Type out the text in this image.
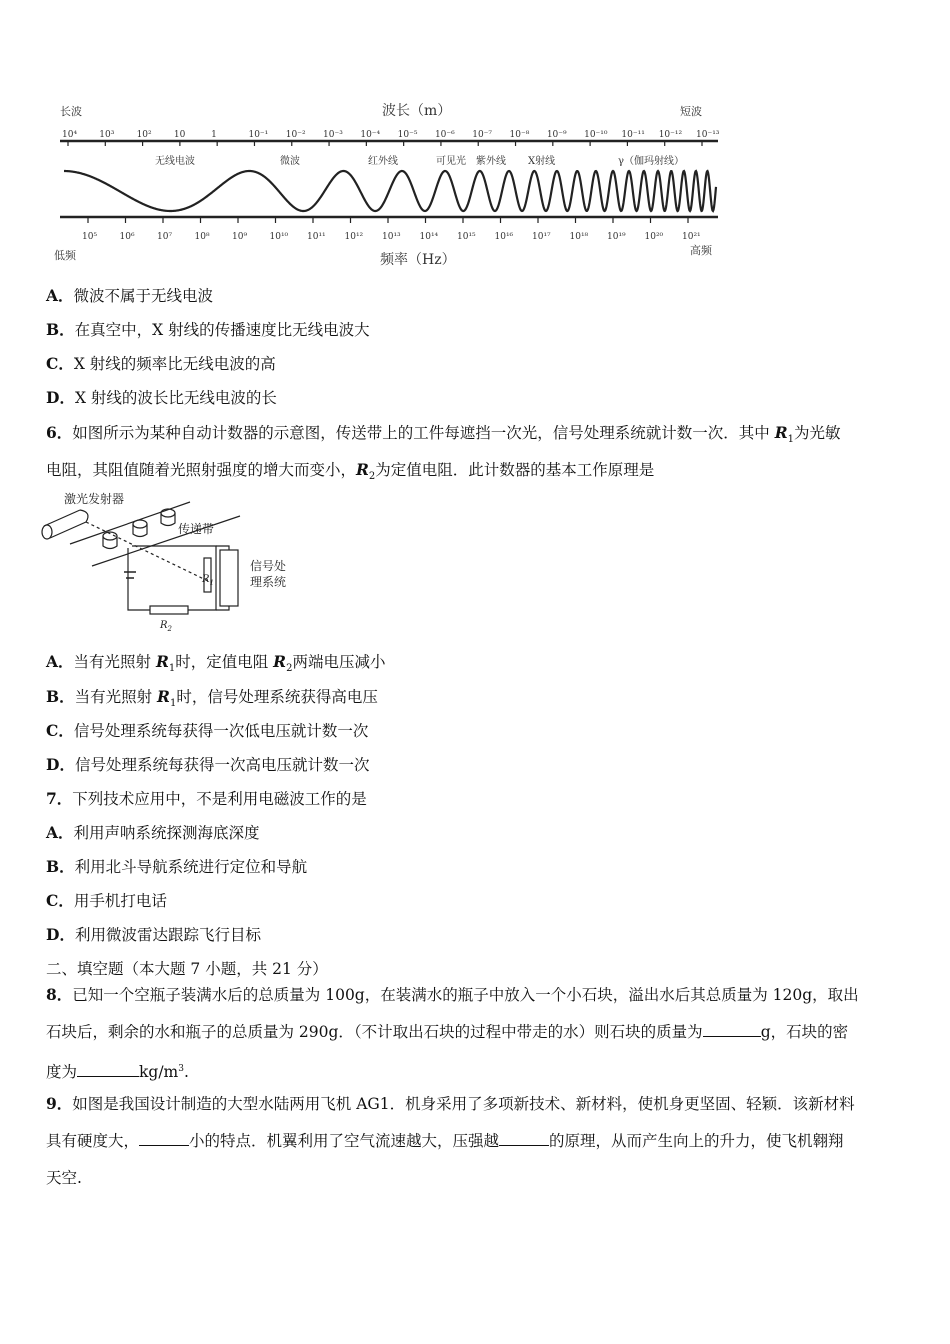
长波	短波
波长（m）
10⁴ 10³ 10² 10	1	10⁻¹ 10⁻² 10⁻³ 10⁻⁴ 10⁻⁵ 10⁻⁶ 10⁻⁷ 10⁻⁸ 10⁻⁹ 10⁻¹⁰ 10⁻¹¹ 10⁻¹² 10⁻¹³
无线电波	微波	红外线	可见光 紫外线 X射线	γ（伽玛射线）
10⁵ 10⁶ 10⁷ 10⁸ 10⁹ 10¹⁰ 10¹¹ 10¹² 10¹³ 10¹⁴ 10¹⁵ 10¹⁶ 10¹⁷ 10¹⁸ 10¹⁹ 10²⁰ 10²¹
低频	高频
频率（Hz）
A．微波不属于无线电波
B．在真空中，X 射线的传播速度比无线电波大
C．X 射线的频率比无线电波的高
D．X 射线的波长比无线电波的长
6．如图所示为某种自动计数器的示意图，传送带上的工件每遮挡一次光，信号处理系统就计数一次．其中 $R_1$为光敏
电阻，其阻值随着光照射强度的增大而变小，$R_2$为定值电阻．此计数器的基本工作原理是
激光发射器
传递带
信号处
理系统
$R_1$
$R_2$
A．当有光照射 $R_1$时，定值电阻 $R_2$两端电压减小
B．当有光照射 $R_1$时，信号处理系统获得高电压
C．信号处理系统每获得一次低电压就计数一次
D．信号处理系统每获得一次高电压就计数一次
7．下列技术应用中，不是利用电磁波工作的是
A．利用声呐系统探测海底深度
B．利用北斗导航系统进行定位和导航
C．用手机打电话
D．利用微波雷达跟踪飞行目标
二、填空题（本大题 7 小题，共 21 分）
8．已知一个空瓶子装满水后的总质量为 100g，在装满水的瓶子中放入一个小石块，溢出水后其总质量为 120g，取出
石块后，剩余的水和瓶子的总质量为 290g．（不计取出石块的过程中带走的水）则石块的质量为	g，石块的密
度为	$kg/m^3$.
9．如图是我国设计制造的大型水陆两用飞机 AG1．机身采用了多项新技术、新材料，使机身更坚固、轻颖．该新材料
具有硬度大，	小的特点．机翼利用了空气流速越大，压强越	的原理，从而产生向上的升力，使飞机翱翔
天空.
